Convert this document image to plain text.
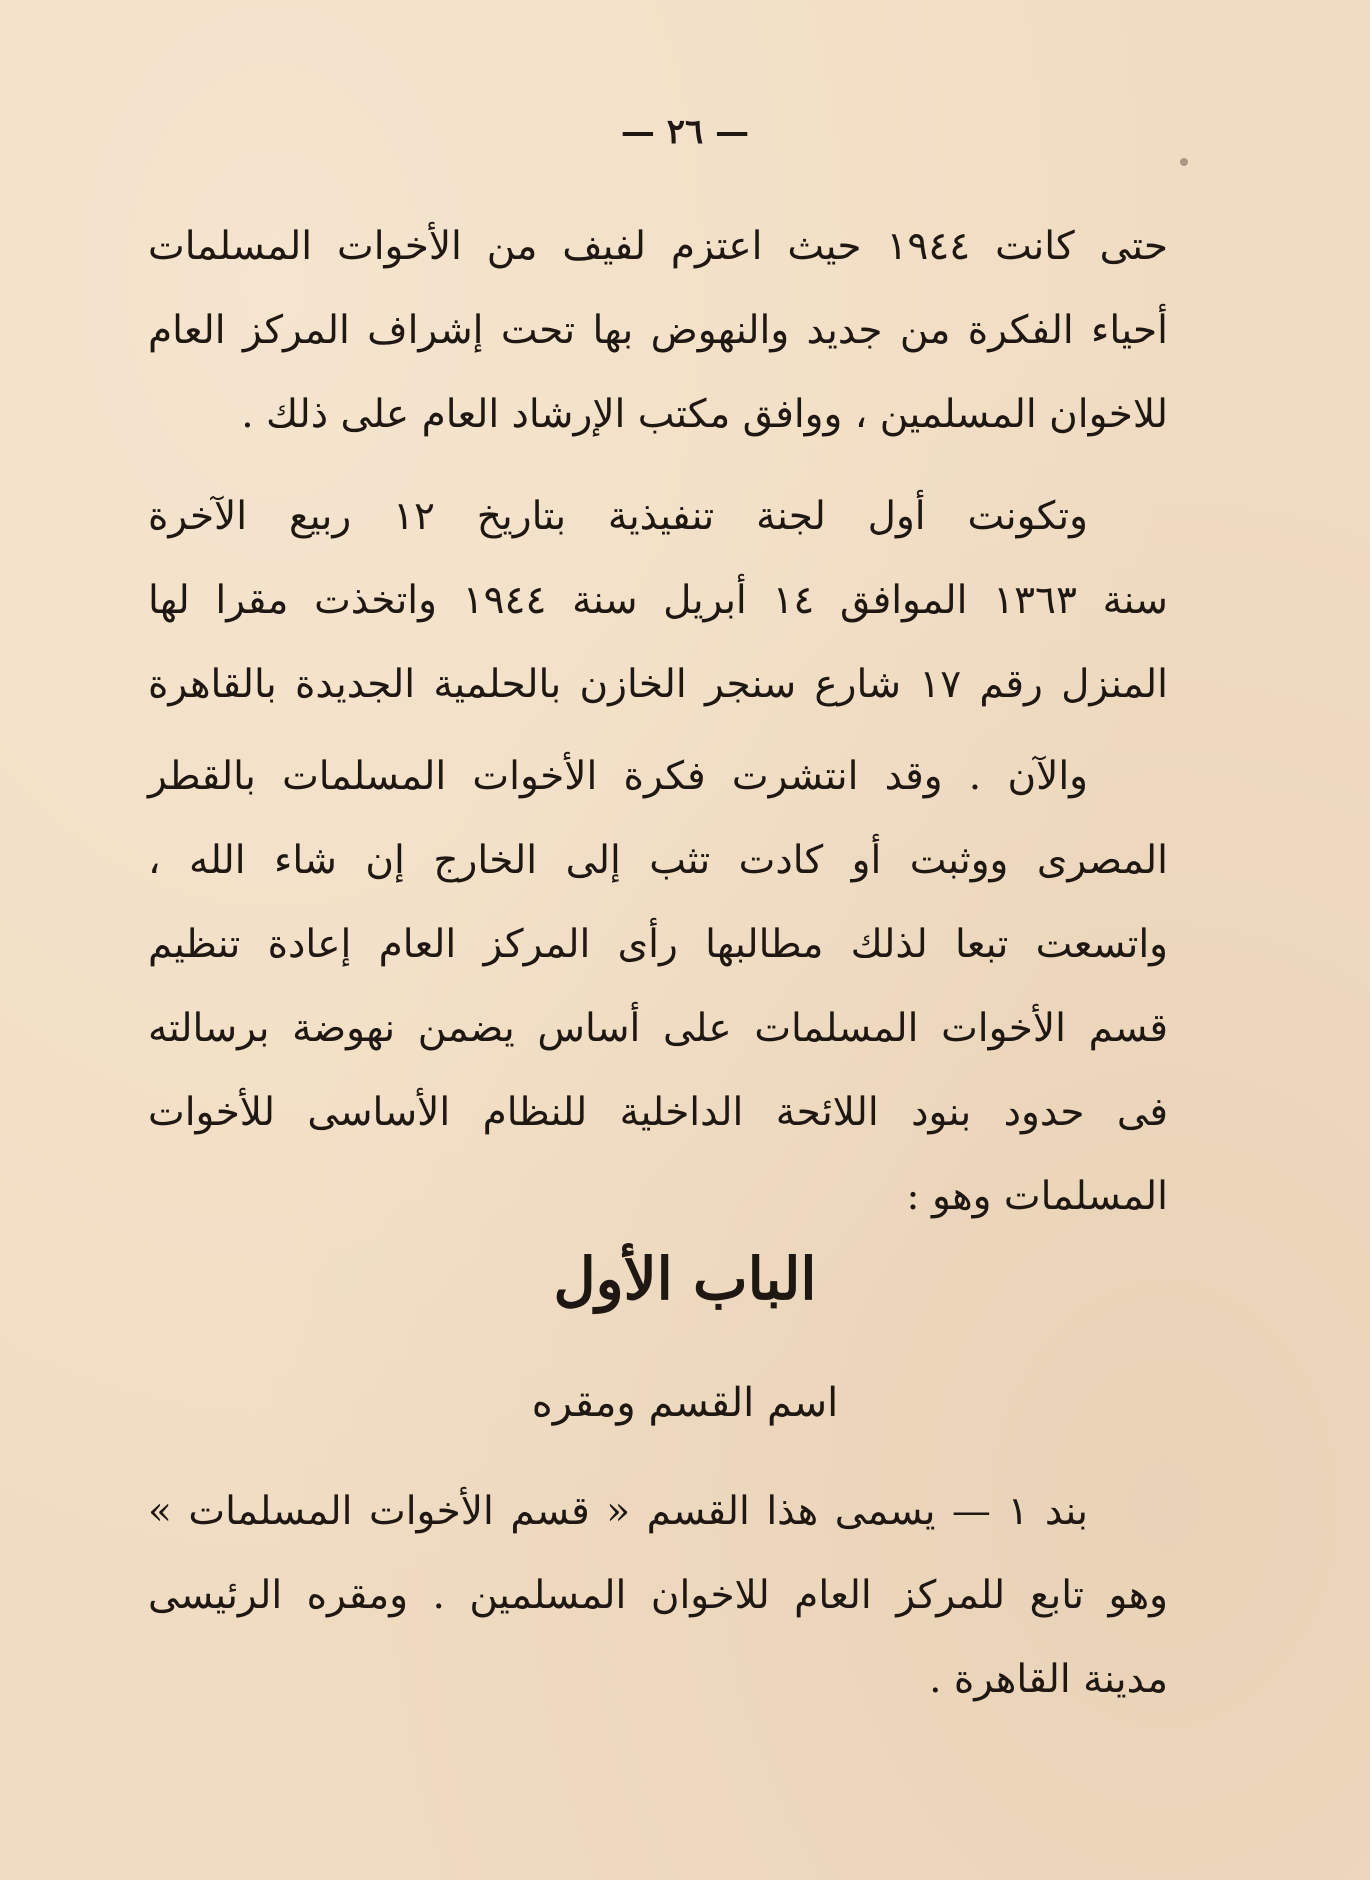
— ٢٦ —
حتى كانت ١٩٤٤ حيث اعتزم لفيف من الأخوات المسلمات
أحياء الفكرة من جديد والنهوض بها تحت إشراف المركز العام
للاخوان المسلمين ، ووافق مكتب الإرشاد العام على ذلك .
وتكونت أول لجنة تنفيذية بتاريخ ١٢ ربيع الآخرة
سنة ١٣٦٣ الموافق ١٤ أبريل سنة ١٩٤٤ واتخذت مقرا لها
المنزل رقم ١٧ شارع سنجر الخازن بالحلمية الجديدة بالقاهرة
والآن . وقد انتشرت فكرة الأخوات المسلمات بالقطر
المصرى ووثبت أو كادت تثب إلى الخارج إن شاء الله ،
واتسعت تبعا لذلك مطالبها رأى المركز العام إعادة تنظيم
قسم الأخوات المسلمات على أساس يضمن نهوضة برسالته
فى حدود بنود اللائحة الداخلية للنظام الأساسى للأخوات
المسلمات وهو :
الباب الأول
اسم القسم ومقره
بند ١ — يسمى هذا القسم « قسم الأخوات المسلمات »
وهو تابع للمركز العام للاخوان المسلمين . ومقره الرئيسى
مدينة القاهرة .
